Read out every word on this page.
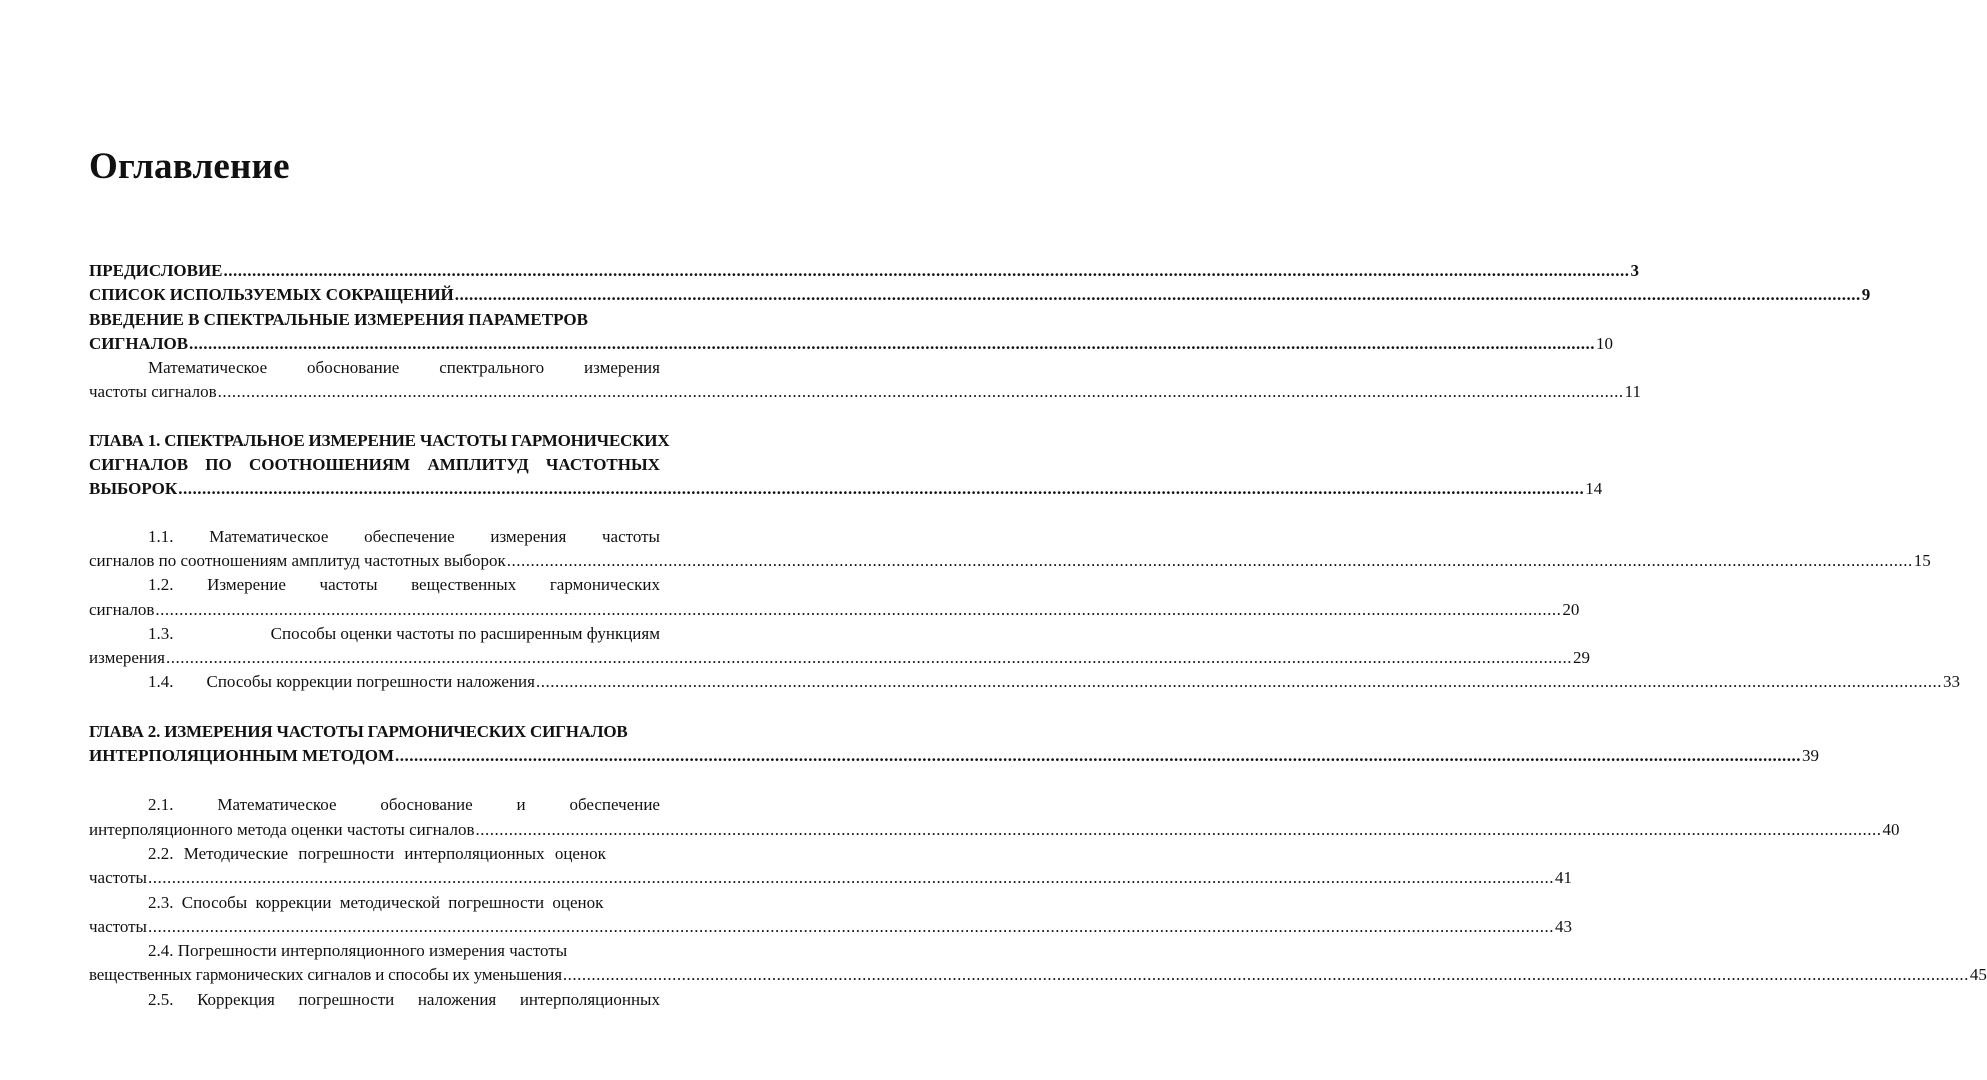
Оглавление
ПРЕДИСЛОВИЕ .....	3
СПИСОК ИСПОЛЬЗУЕМЫХ СОКРАЩЕНИЙ .....	9
ВВЕДЕНИЕ В СПЕКТРАЛЬНЫЕ ИЗМЕРЕНИЯ ПАРАМЕТРОВ
СИГНАЛОВ .....	10
Математическое обоснование спектрального измерения
частоты сигналов .....	11
ГЛАВА 1. СПЕКТРАЛЬНОЕ ИЗМЕРЕНИЕ ЧАСТОТЫ ГАРМОНИЧЕСКИХ
СИГНАЛОВ ПО СООТНОШЕНИЯМ АМПЛИТУД ЧАСТОТНЫХ
ВЫБОРОК .....	14
1.1. Математическое обеспечение измерения частоты
сигналов по соотношениям амплитуд частотных выборок .....	15
1.2. Измерение частоты вещественных гармонических
сигналов .....	20
1.3.	Способы оценки частоты по расширенным функциям
измерения .....	29
1.4. Способы коррекции погрешности наложения .....	33
ГЛАВА 2. ИЗМЕРЕНИЯ ЧАСТОТЫ ГАРМОНИЧЕСКИХ СИГНАЛОВ
ИНТЕРПОЛЯЦИОННЫМ МЕТОДОМ .....	39
2.1.	Математическое	обоснование	и	обеспечение
интерполяционного метода оценки частоты сигналов .....	40
2.2. Методические погрешности интерполяционных оценок
частоты .....	41
2.3. Способы коррекции методической погрешности оценок
частоты .....	43
2.4. Погрешности интерполяционного измерения частоты
вещественных гармонических сигналов и способы их уменьшения .....	45
2.5. Коррекция погрешности наложения интерполяционных
